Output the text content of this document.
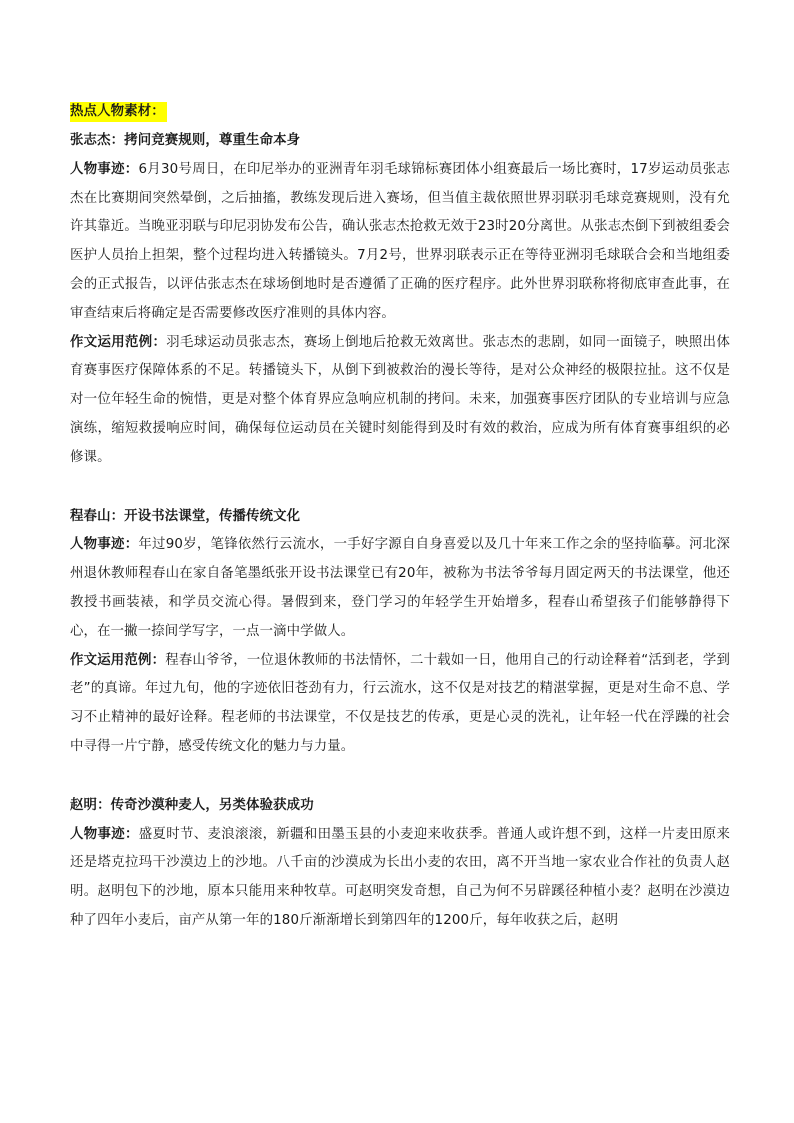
热点人物素材：
张志杰：拷问竞赛规则，尊重生命本身

人物事迹：6月30号周日，在印尼举办的亚洲青年羽毛球锦标赛团体小组赛最后一场比赛时，17岁运动员张志杰在比赛期间突然晕倒，之后抽搐，教练发现后进入赛场，但当值主裁依照世界羽联羽毛球竞赛规则，没有允许其靠近。当晚亚羽联与印尼羽协发布公告，确认张志杰抢救无效于23时20分离世。从张志杰倒下到被组委会医护人员抬上担架，整个过程均进入转播镜头。7月2号，世界羽联表示正在等待亚洲羽毛球联合会和当地组委会的正式报告，以评估张志杰在球场倒地时是否遵循了正确的医疗程序。此外世界羽联称将彻底审查此事，在审查结束后将确定是否需要修改医疗准则的具体内容。

作文运用范例：羽毛球运动员张志杰，赛场上倒地后抢救无效离世。张志杰的悲剧，如同一面镜子，映照出体育赛事医疗保障体系的不足。转播镜头下，从倒下到被救治的漫长等待，是对公众神经的极限拉扯。这不仅是对一位年轻生命的惋惜，更是对整个体育界应急响应机制的拷问。未来，加强赛事医疗团队的专业培训与应急演练，缩短救援响应时间，确保每位运动员在关键时刻能得到及时有效的救治，应成为所有体育赛事组织的必修课。

程春山：开设书法课堂，传播传统文化

人物事迹：年过90岁，笔锋依然行云流水，一手好字源自自身喜爱以及几十年来工作之余的坚持临摹。河北深州退休教师程春山在家自备笔墨纸张开设书法课堂已有20年，被称为书法爷爷每月固定两天的书法课堂，他还教授书画装裱，和学员交流心得。暑假到来，登门学习的年轻学生开始增多，程春山希望孩子们能够静得下心，在一撇一捺间学写字，一点一滴中学做人。

作文运用范例：程春山爷爷，一位退休教师的书法情怀，二十载如一日，他用自己的行动诠释着“活到老，学到老”的真谛。年过九旬，他的字迹依旧苍劲有力，行云流水，这不仅是对技艺的精湛掌握，更是对生命不息、学习不止精神的最好诠释。程老师的书法课堂，不仅是技艺的传承，更是心灵的洗礼，让年轻一代在浮躁的社会中寻得一片宁静，感受传统文化的魅力与力量。

赵明：传奇沙漠种麦人，另类体验获成功

人物事迹：盛夏时节、麦浪滚滚，新疆和田墨玉县的小麦迎来收获季。普通人或许想不到，这样一片麦田原来还是塔克拉玛干沙漠边上的沙地。八千亩的沙漠成为长出小麦的农田，离不开当地一家农业合作社的负责人赵明。赵明包下的沙地，原本只能用来种牧草。可赵明突发奇想，自己为何不另辟蹊径种植小麦？赵明在沙漠边种了四年小麦后，亩产从第一年的180斤渐渐增长到第四年的1200斤，每年收获之后，赵明
